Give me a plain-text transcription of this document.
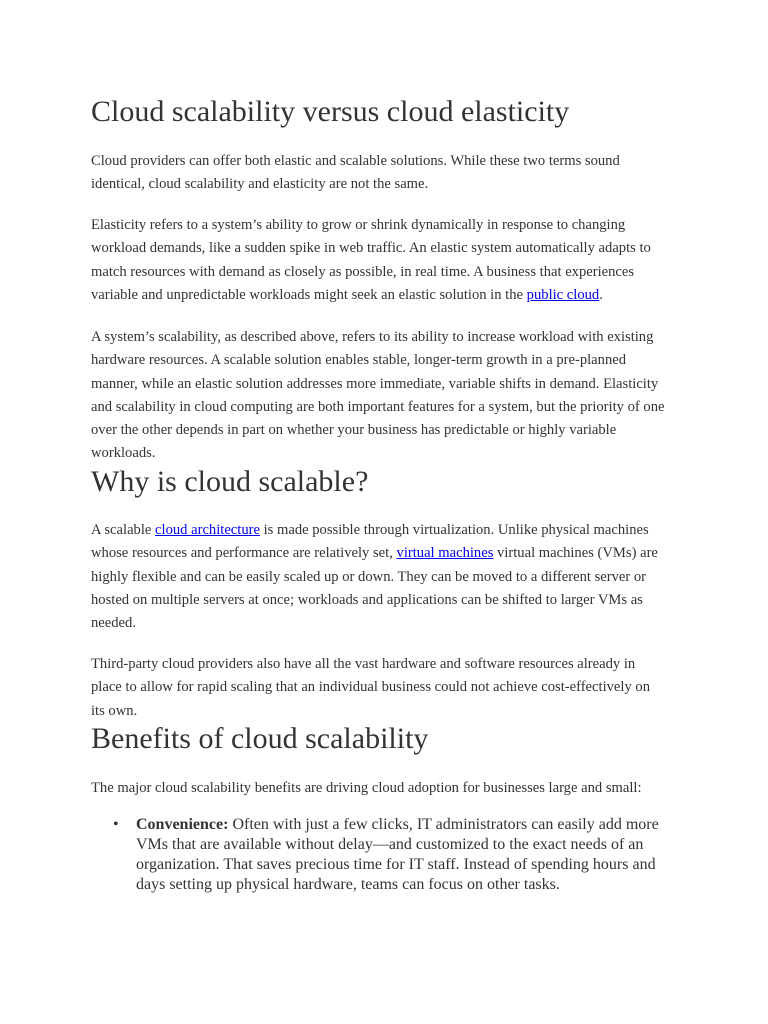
Cloud scalability versus cloud elasticity

Cloud providers can offer both elastic and scalable solutions. While these two terms sound identical, cloud scalability and elasticity are not the same.

Elasticity refers to a system’s ability to grow or shrink dynamically in response to changing workload demands, like a sudden spike in web traffic. An elastic system automatically adapts to match resources with demand as closely as possible, in real time. A business that experiences variable and unpredictable workloads might seek an elastic solution in the public cloud.

A system’s scalability, as described above, refers to its ability to increase workload with existing hardware resources. A scalable solution enables stable, longer-term growth in a pre-planned manner, while an elastic solution addresses more immediate, variable shifts in demand. Elasticity and scalability in cloud computing are both important features for a system, but the priority of one over the other depends in part on whether your business has predictable or highly variable workloads.

Why is cloud scalable?

A scalable cloud architecture is made possible through virtualization. Unlike physical machines whose resources and performance are relatively set, virtual machines virtual machines (VMs) are highly flexible and can be easily scaled up or down. They can be moved to a different server or hosted on multiple servers at once; workloads and applications can be shifted to larger VMs as needed.

Third-party cloud providers also have all the vast hardware and software resources already in place to allow for rapid scaling that an individual business could not achieve cost-effectively on its own.

Benefits of cloud scalability

The major cloud scalability benefits are driving cloud adoption for businesses large and small:

• Convenience: Often with just a few clicks, IT administrators can easily add more VMs that are available without delay—and customized to the exact needs of an organization. That saves precious time for IT staff. Instead of spending hours and days setting up physical hardware, teams can focus on other tasks.
